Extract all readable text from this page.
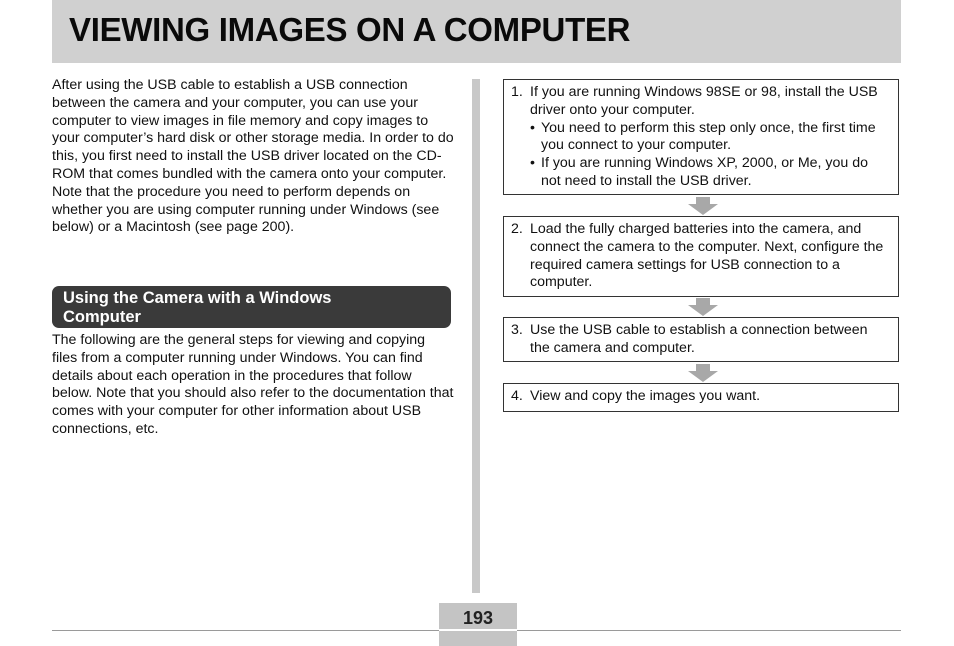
VIEWING IMAGES ON A COMPUTER

After using the USB cable to establish a USB connection between the camera and your computer, you can use your computer to view images in file memory and copy images to your computer’s hard disk or other storage media. In order to do this, you first need to install the USB driver located on the CD-ROM that comes bundled with the camera onto your computer.

Note that the procedure you need to perform depends on whether you are using computer running under Windows (see below) or a Macintosh (see page 200).

Using the Camera with a Windows Computer

The following are the general steps for viewing and copying files from a computer running under Windows. You can find details about each operation in the procedures that follow below. Note that you should also refer to the documentation that comes with your computer for other information about USB connections, etc.

1. If you are running Windows 98SE or 98, install the USB driver onto your computer.
• You need to perform this step only once, the first time you connect to your computer.
• If you are running Windows XP, 2000, or Me, you do not need to install the USB driver.
2. Load the fully charged batteries into the camera, and connect the camera to the computer. Next, configure the required camera settings for USB connection to a computer.
3. Use the USB cable to establish a connection between the camera and computer.
4. View and copy the images you want.
193
